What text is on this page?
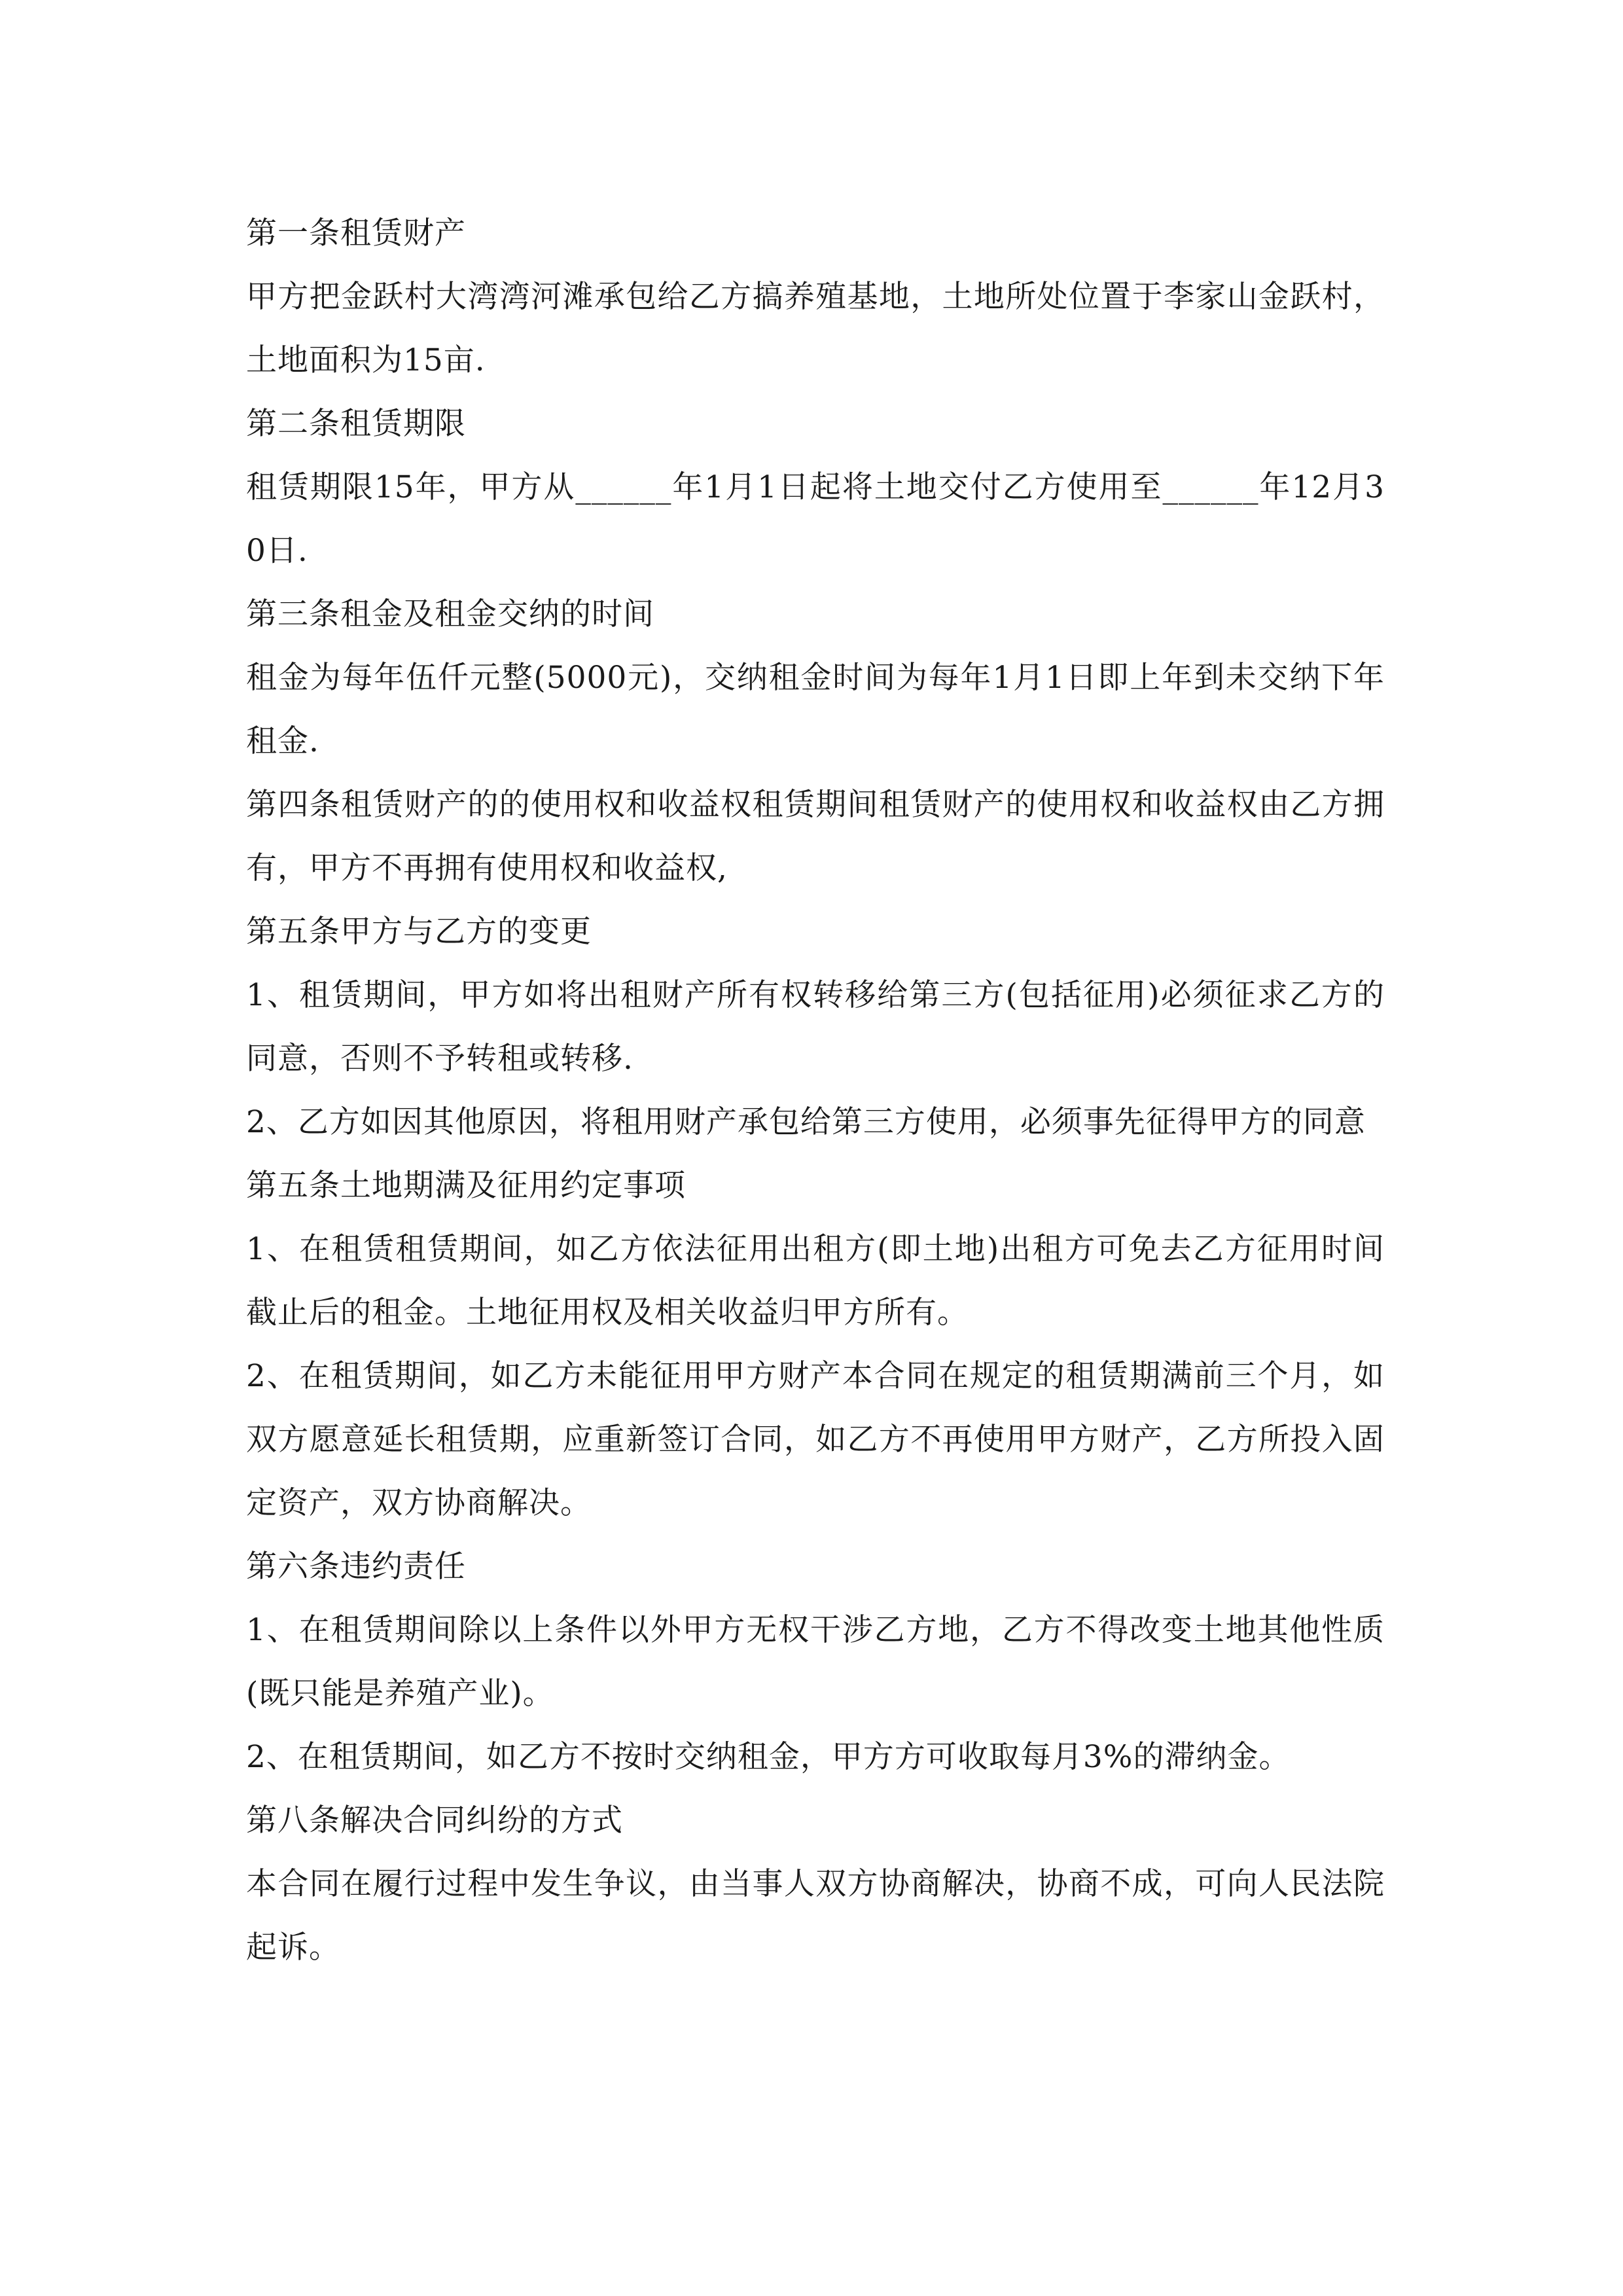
第一条租赁财产

甲方把金跃村大湾湾河滩承包给乙方搞养殖基地，土地所处位置于李家山金跃村，土地面积为15亩.

第二条租赁期限

租赁期限15年，甲方从______年1月1日起将土地交付乙方使用至______年12月30日.

第三条租金及租金交纳的时间

租金为每年伍仟元整(5000元)，交纳租金时间为每年1月1日即上年到未交纳下年租金.

第四条租赁财产的的使用权和收益权租赁期间租赁财产的使用权和收益权由乙方拥有，甲方不再拥有使用权和收益权,

第五条甲方与乙方的变更

1、租赁期间，甲方如将出租财产所有权转移给第三方(包括征用)必须征求乙方的同意，否则不予转租或转移.

2、乙方如因其他原因，将租用财产承包给第三方使用，必须事先征得甲方的同意

第五条土地期满及征用约定事项

1、在租赁租赁期间，如乙方依法征用出租方(即土地)出租方可免去乙方征用时间截止后的租金。土地征用权及相关收益归甲方所有。

2、在租赁期间，如乙方未能征用甲方财产本合同在规定的租赁期满前三个月，如双方愿意延长租赁期，应重新签订合同，如乙方不再使用甲方财产，乙方所投入固定资产，双方协商解决。

第六条违约责任

1、在租赁期间除以上条件以外甲方无权干涉乙方地，乙方不得改变土地其他性质(既只能是养殖产业)。

2、在租赁期间，如乙方不按时交纳租金，甲方方可收取每月3%的滞纳金。

第八条解决合同纠纷的方式

本合同在履行过程中发生争议，由当事人双方协商解决，协商不成，可向人民法院起诉。
